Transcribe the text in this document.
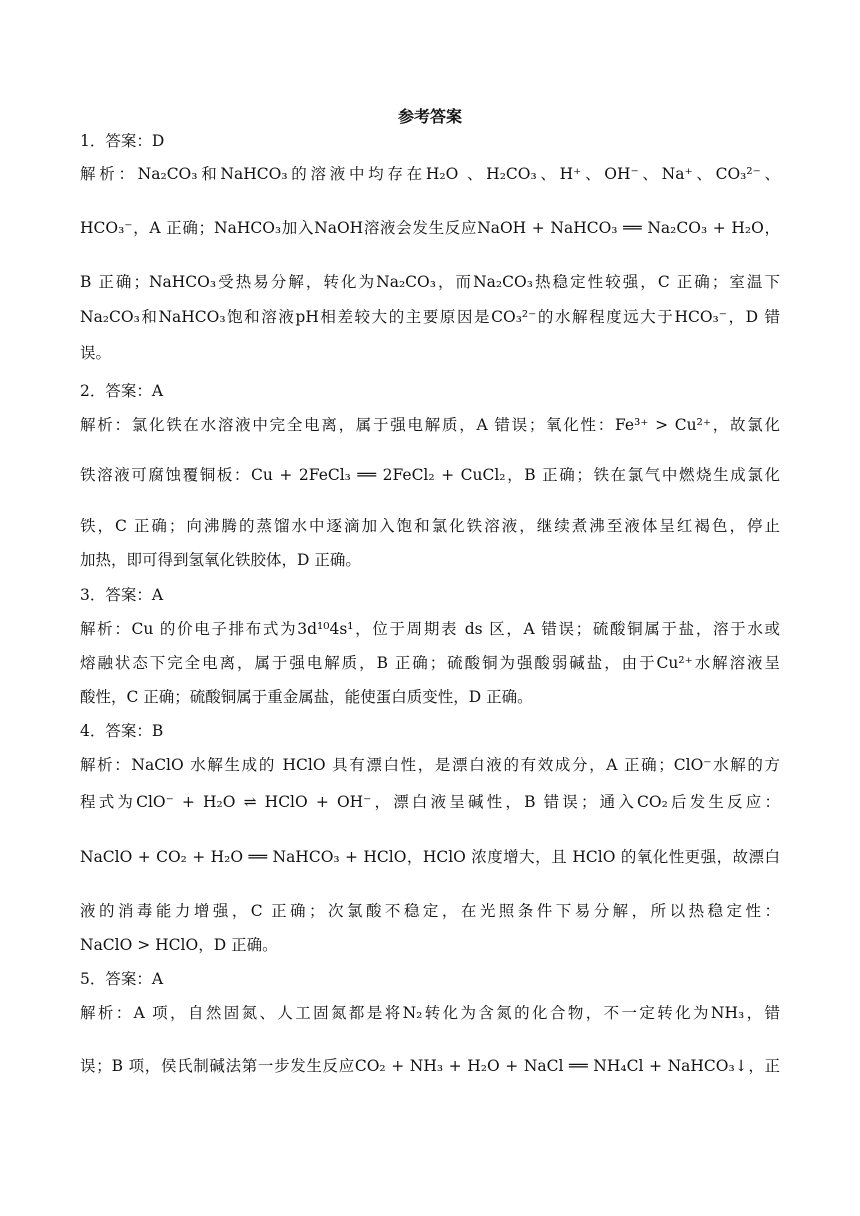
参考答案
1．答案：D
解析：Na₂CO₃和NaHCO₃的溶液中均存在H₂O 、H₂CO₃、H⁺、OH⁻、Na⁺、CO₃²⁻、
HCO₃⁻，A 正确；NaHCO₃加入NaOH溶液会发生反应NaOH + NaHCO₃ ══ Na₂CO₃ + H₂O，
B 正确；NaHCO₃受热易分解，转化为Na₂CO₃，而Na₂CO₃热稳定性较强，C 正确；室温下
Na₂CO₃和NaHCO₃饱和溶液pH相差较大的主要原因是CO₃²⁻的水解程度远大于HCO₃⁻，D 错
误。
2．答案：A
解析：氯化铁在水溶液中完全电离，属于强电解质，A 错误；氧化性：Fe³⁺ > Cu²⁺，故氯化
铁溶液可腐蚀覆铜板：Cu + 2FeCl₃ ══ 2FeCl₂ + CuCl₂，B 正确；铁在氯气中燃烧生成氯化
铁，C 正确；向沸腾的蒸馏水中逐滴加入饱和氯化铁溶液，继续煮沸至液体呈红褐色，停止
加热，即可得到氢氧化铁胶体，D 正确。
3．答案：A
解析：Cu 的价电子排布式为3d¹⁰4s¹，位于周期表 ds 区，A 错误；硫酸铜属于盐，溶于水或
熔融状态下完全电离，属于强电解质，B 正确；硫酸铜为强酸弱碱盐，由于Cu²⁺水解溶液呈
酸性，C 正确；硫酸铜属于重金属盐，能使蛋白质变性，D 正确。
4．答案：B
解析：NaClO 水解生成的 HClO 具有漂白性，是漂白液的有效成分，A 正确；ClO⁻水解的方
程式为ClO⁻ + H₂O ⇌ HClO + OH⁻，漂白液呈碱性，B 错误；通入CO₂后发生反应：
NaClO + CO₂ + H₂O ══ NaHCO₃ + HClO，HClO 浓度增大，且 HClO 的氧化性更强，故漂白
液的消毒能力增强，C 正确；次氯酸不稳定，在光照条件下易分解，所以热稳定性：
NaClO > HClO，D 正确。
5．答案：A
解析：A 项，自然固氮、人工固氮都是将N₂转化为含氮的化合物，不一定转化为NH₃，错
误；B 项，侯氏制碱法第一步发生反应CO₂ + NH₃ + H₂O + NaCl ══ NH₄Cl + NaHCO₃↓，正
